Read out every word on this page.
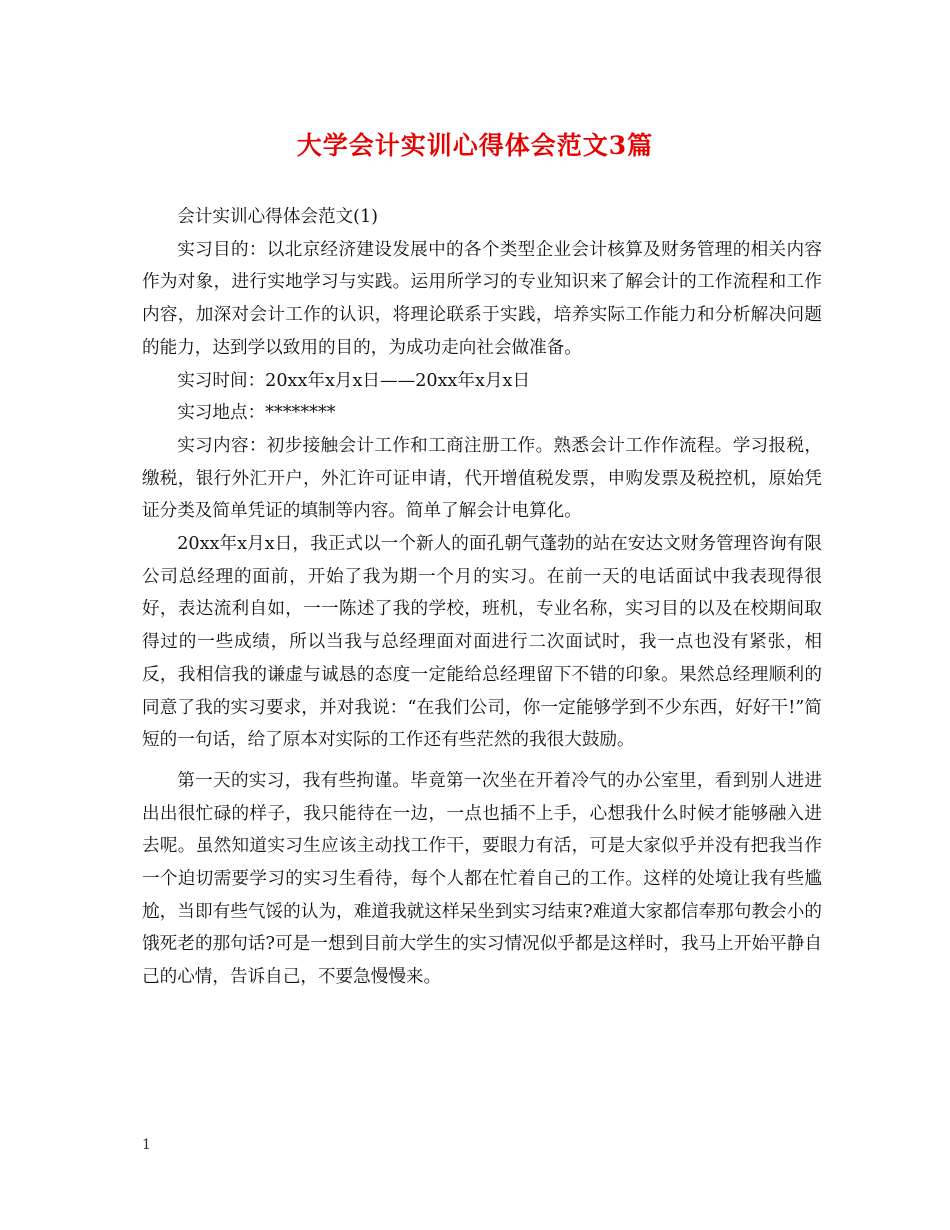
大学会计实训心得体会范文3篇

会计实训心得体会范文(1)

实习目的：以北京经济建设发展中的各个类型企业会计核算及财务管理的相关内容作为对象，进行实地学习与实践。运用所学习的专业知识来了解会计的工作流程和工作内容，加深对会计工作的认识，将理论联系于实践，培养实际工作能力和分析解决问题的能力，达到学以致用的目的，为成功走向社会做准备。

实习时间：20xx年x月x日——20xx年x月x日

实习地点：********

实习内容：初步接触会计工作和工商注册工作。熟悉会计工作作流程。学习报税，缴税，银行外汇开户，外汇许可证申请，代开增值税发票，申购发票及税控机，原始凭证分类及简单凭证的填制等内容。简单了解会计电算化。

20xx年x月x日，我正式以一个新人的面孔朝气蓬勃的站在安达文财务管理咨询有限公司总经理的面前，开始了我为期一个月的实习。在前一天的电话面试中我表现得很好，表达流利自如，一一陈述了我的学校，班机，专业名称，实习目的以及在校期间取得过的一些成绩，所以当我与总经理面对面进行二次面试时，我一点也没有紧张，相反，我相信我的谦虚与诚恳的态度一定能给总经理留下不错的印象。果然总经理顺利的同意了我的实习要求，并对我说：“在我们公司，你一定能够学到不少东西，好好干!”简短的一句话，给了原本对实际的工作还有些茫然的我很大鼓励。

第一天的实习，我有些拘谨。毕竟第一次坐在开着冷气的办公室里，看到别人进进出出很忙碌的样子，我只能待在一边，一点也插不上手，心想我什么时候才能够融入进去呢。虽然知道实习生应该主动找工作干，要眼力有活，可是大家似乎并没有把我当作一个迫切需要学习的实习生看待，每个人都在忙着自己的工作。这样的处境让我有些尴尬，当即有些气馁的认为，难道我就这样呆坐到实习结束?难道大家都信奉那句教会小的饿死老的那句话?可是一想到目前大学生的实习情况似乎都是这样时，我马上开始平静自己的心情，告诉自己，不要急慢慢来。

1
